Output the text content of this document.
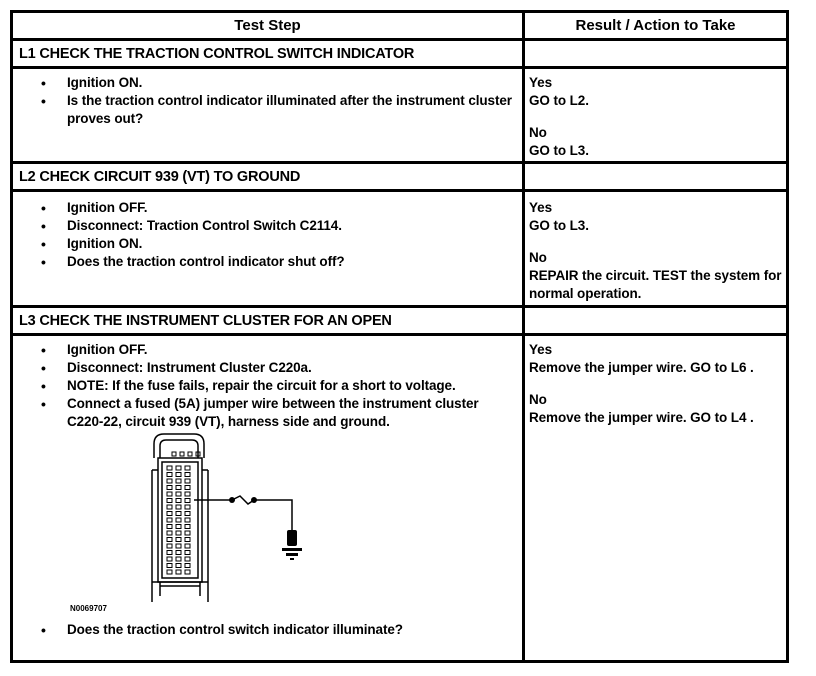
Test Step	Result / Action to Take
L1 CHECK THE TRACTION CONTROL SWITCH INDICATOR
• Ignition ON.
• Is the traction control indicator illuminated after the instrument cluster proves out?

Yes

GO to L2.

No

GO to L3.

L2 CHECK CIRCUIT 939 (VT) TO GROUND
• Ignition OFF.
• Disconnect: Traction Control Switch C2114.
• Ignition ON.
• Does the traction control indicator shut off?

Yes

GO to L3.

No

REPAIR the circuit. TEST the system for normal operation.

L3 CHECK THE INSTRUMENT CLUSTER FOR AN OPEN
• Ignition OFF.
• Disconnect: Instrument Cluster C220a.
• NOTE: If the fuse fails, repair the circuit for a short to voltage.
• Connect a fused (5A) jumper wire between the instrument cluster C220-22, circuit 939 (VT), harness side and ground.
• Does the traction control switch indicator illuminate?

Yes

Remove the jumper wire. GO to L6 .

No

Remove the jumper wire. GO to L4 .

N0069707
